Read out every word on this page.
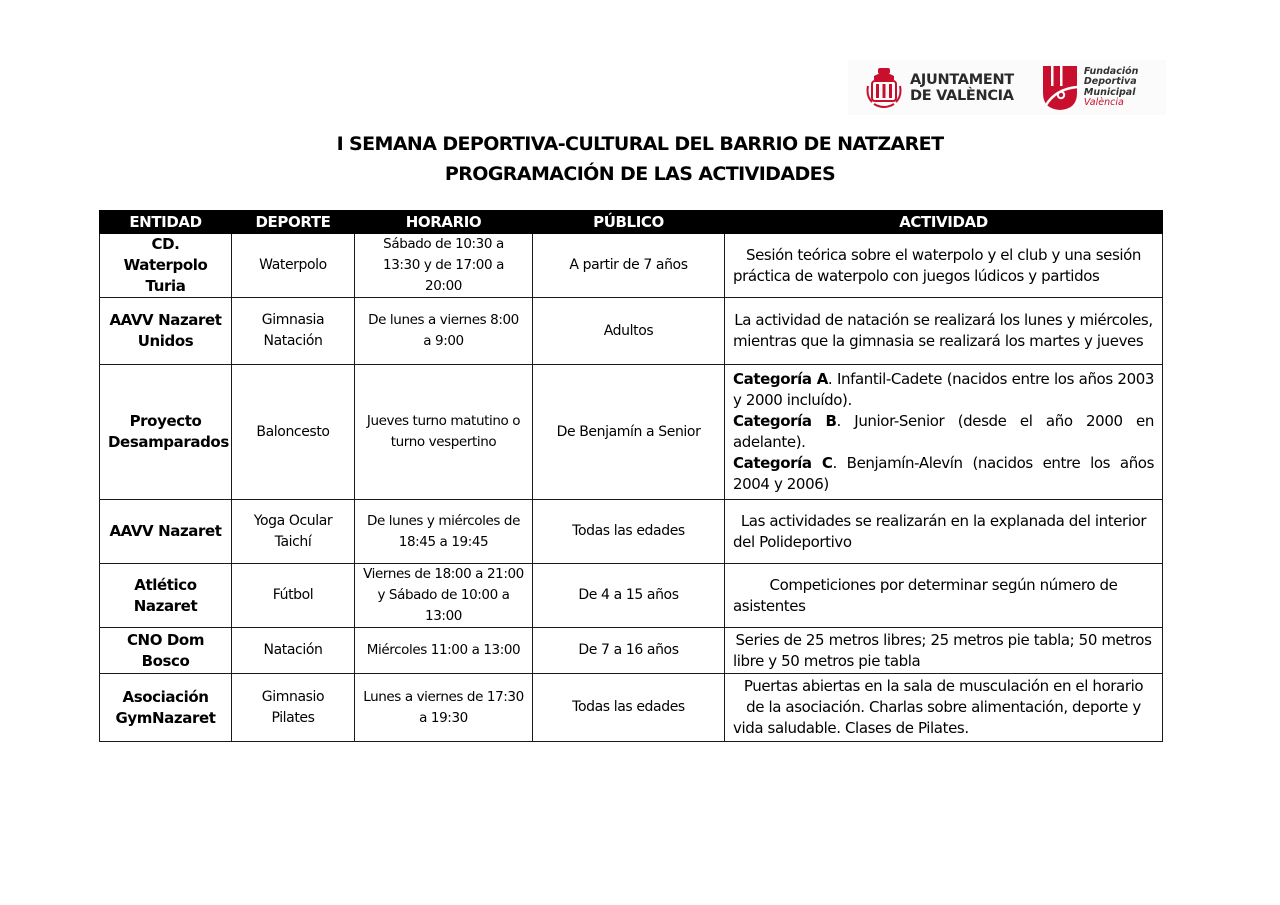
AJUNTAMENT
DE VALÈNCIA
Fundación
Deportiva
Municipal
València
I SEMANA DEPORTIVA-CULTURAL DEL BARRIO DE NATZARET
PROGRAMACIÓN DE LAS ACTIVIDADES
ENTIDAD	DEPORTE	HORARIO	PÚBLICO	ACTIVIDAD
CD. Waterpolo Turia	Waterpolo	Sábado de 10:30 a 13:30 y de 17:00 a 20:00	A partir de 7 años	Sesión teórica sobre el waterpolo y el club y una sesión práctica de waterpolo con juegos lúdicos y partidos
AAVV Nazaret Unidos	Gimnasia Natación	De lunes a viernes 8:00 a 9:00	Adultos	La actividad de natación se realizará los lunes y miércoles, mientras que la gimnasia se realizará los martes y jueves
Proyecto Desamparados	Baloncesto	Jueves turno matutino o turno vespertino	De Benjamín a Senior	Categoría A. Infantil-Cadete (nacidos entre los años 2003 y 2000 incluído).
Categoría B. Junior-Senior (desde el año 2000 en adelante).
Categoría C. Benjamín-Alevín (nacidos entre los años 2004 y 2006)

AAVV Nazaret	Yoga Ocular Taichí	De lunes y miércoles de 18:45 a 19:45	Todas las edades	Las actividades se realizarán en la explanada del interior del Polideportivo
Atlético Nazaret	Fútbol	Viernes de 18:00 a 21:00 y Sábado de 10:00 a 13:00	De 4 a 15 años	Competiciones por determinar según número de asistentes
CNO Dom Bosco	Natación	Miércoles 11:00 a 13:00	De 7 a 16 años	Series de 25 metros libres; 25 metros pie tabla; 50 metros libre y 50 metros pie tabla
Asociación GymNazaret	Gimnasio Pilates	Lunes a viernes de 17:30 a 19:30	Todas las edades	Puertas abiertas en la sala de musculación en el horario de la asociación. Charlas sobre alimentación, deporte y vida saludable. Clases de Pilates.
